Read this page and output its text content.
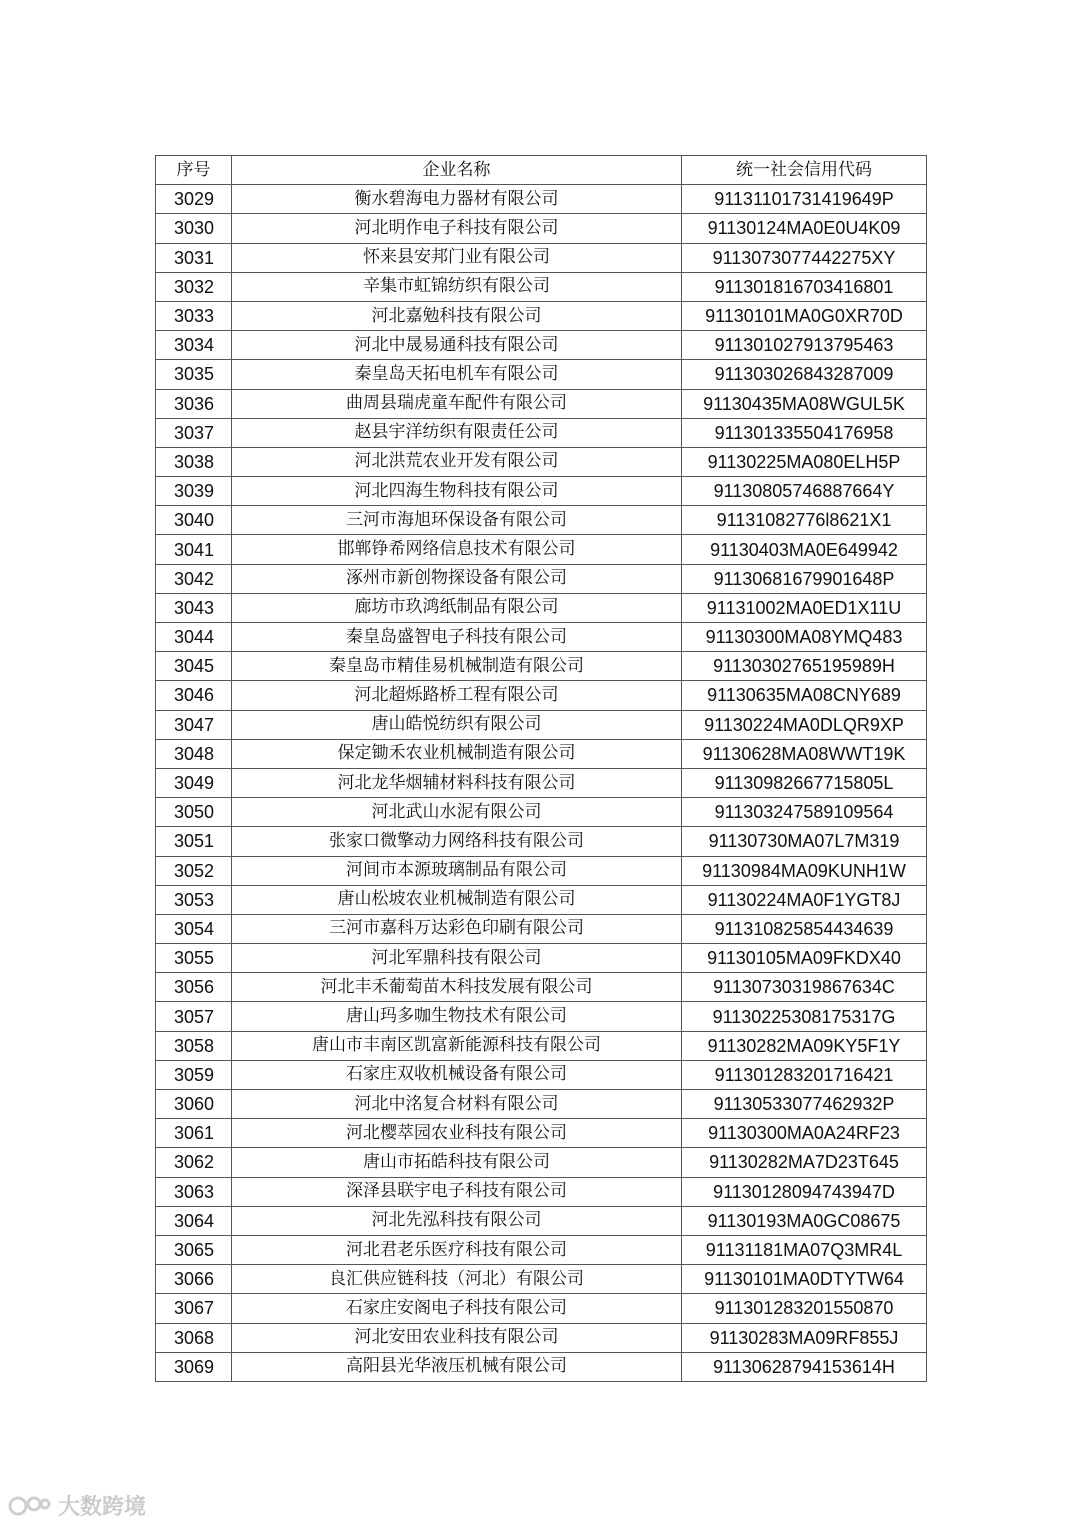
序号	企业名称	统一社会信用代码
3029	衡水碧海电力器材有限公司	91131101731419649P
3030	河北明作电子科技有限公司	91130124MA0E0U4K09
3031	怀来县安邦门业有限公司	9113073077442275XY
3032	辛集市虹锦纺织有限公司	911301816703416801
3033	河北嘉勉科技有限公司	91130101MA0G0XR70D
3034	河北中晟易通科技有限公司	911301027913795463
3035	秦皇岛天拓电机车有限公司	911303026843287009
3036	曲周县瑞虎童车配件有限公司	91130435MA08WGUL5K
3037	赵县宇洋纺织有限责任公司	911301335504176958
3038	河北洪荒农业开发有限公司	91130225MA080ELH5P
3039	河北四海生物科技有限公司	91130805746887664Y
3040	三河市海旭环保设备有限公司	91131082776l8621X1
3041	邯郸铮希网络信息技术有限公司	91130403MA0E649942
3042	涿州市新创物探设备有限公司	91130681679901648P
3043	廊坊市玖鸿纸制品有限公司	91131002MA0ED1X11U
3044	秦皇岛盛智电子科技有限公司	91130300MA08YMQ483
3045	秦皇岛市精佳易机械制造有限公司	91130302765195989H
3046	河北超烁路桥工程有限公司	91130635MA08CNY689
3047	唐山皓悦纺织有限公司	91130224MA0DLQR9XP
3048	保定锄禾农业机械制造有限公司	91130628MA08WWT19K
3049	河北龙华烟辅材料科技有限公司	91130982667715805L
3050	河北武山水泥有限公司	911303247589109564
3051	张家口微擎动力网络科技有限公司	91130730MA07L7M319
3052	河间市本源玻璃制品有限公司	91130984MA09KUNH1W
3053	唐山松坡农业机械制造有限公司	91130224MA0F1YGT8J
3054	三河市嘉科万达彩色印刷有限公司	911310825854434639
3055	河北军鼎科技有限公司	91130105MA09FKDX40
3056	河北丰禾葡萄苗木科技发展有限公司	91130730319867634C
3057	唐山玛多咖生物技术有限公司	91130225308175317G
3058	唐山市丰南区凯富新能源科技有限公司	91130282MA09KY5F1Y
3059	石家庄双收机械设备有限公司	911301283201716421
3060	河北中洺复合材料有限公司	91130533077462932P
3061	河北樱萃园农业科技有限公司	91130300MA0A24RF23
3062	唐山市拓皓科技有限公司	91130282MA7D23T645
3063	深泽县联宇电子科技有限公司	91130128094743947D
3064	河北先泓科技有限公司	91130193MA0GC08675
3065	河北君老乐医疗科技有限公司	91131181MA07Q3MR4L
3066	良汇供应链科技（河北）有限公司	91130101MA0DTYTW64
3067	石家庄安阁电子科技有限公司	911301283201550870
3068	河北安田农业科技有限公司	91130283MA09RF855J
3069	高阳县光华液压机械有限公司	91130628794153614H
大数跨境
